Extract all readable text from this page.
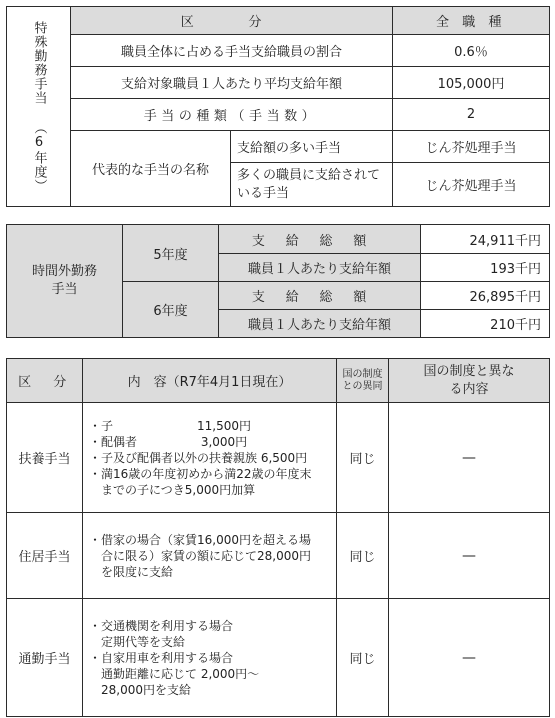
特殊勤務手当 （6年度）	区　分		全 職 種
	職員全体に占める手当支給職員の割合		0.6％
	支給対象職員１人あたり平均支給年額		105,000円
	手当の種類（手当数）		2
	代表的な手当の名称	支給額の多い手当	じん芥処理手当
		多くの職員に支給されている手当	じん芥処理手当
時間外勤務手当	5年度	支給総額	24,911千円
		職員１人あたり支給年額	193千円
	6年度	支給総額	26,895千円
		職員１人あたり支給年額	210千円
区　分	内　容（R7年4月1日現在）	国の制度との異同	国の制度と異なる内容
扶養手当	・子　　　　　　　11,500円
・配偶者　　　　　 3,000円
・子及び配偶者以外の扶養親族 6,500円
・満16歳の年度初めから満22歳の年度末
　までの子につき5,000円加算	同じ	—
住居手当	・借家の場合（家賃16,000円を超える場
　合に限る）家賃の額に応じて28,000円
　を限度に支給	同じ	—
通勤手当	・交通機関を利用する場合
　定期代等を支給
・自家用車を利用する場合
　通勤距離に応じて 2,000円～
　28,000円を支給	同じ	—
